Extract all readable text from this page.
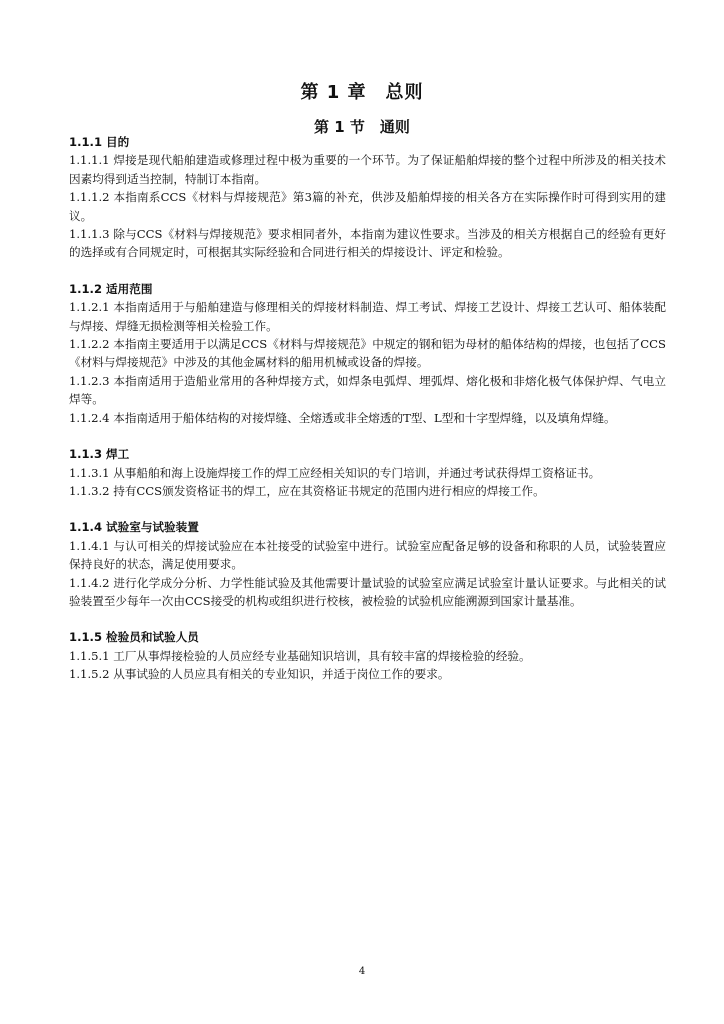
第 1 章　总则
第 1 节　通则

1.1.1 目的

1.1.1.1 焊接是现代船舶建造或修理过程中极为重要的一个环节。为了保证船舶焊接的整个过程中所涉及的相关技术因素均得到适当控制，特制订本指南。

1.1.1.2 本指南系CCS《材料与焊接规范》第3篇的补充，供涉及船舶焊接的相关各方在实际操作时可得到实用的建议。

1.1.1.3 除与CCS《材料与焊接规范》要求相同者外，本指南为建议性要求。当涉及的相关方根据自己的经验有更好的选择或有合同规定时，可根据其实际经验和合同进行相关的焊接设计、评定和检验。

1.1.2 适用范围

1.1.2.1 本指南适用于与船舶建造与修理相关的焊接材料制造、焊工考试、焊接工艺设计、焊接工艺认可、船体装配与焊接、焊缝无损检测等相关检验工作。

1.1.2.2 本指南主要适用于以满足CCS《材料与焊接规范》中规定的钢和铝为母材的船体结构的焊接，也包括了CCS《材料与焊接规范》中涉及的其他金属材料的船用机械或设备的焊接。

1.1.2.3 本指南适用于造船业常用的各种焊接方式，如焊条电弧焊、埋弧焊、熔化极和非熔化极气体保护焊、气电立焊等。

1.1.2.4 本指南适用于船体结构的对接焊缝、全熔透或非全熔透的T型、L型和十字型焊缝，以及填角焊缝。

1.1.3 焊工

1.1.3.1 从事船舶和海上设施焊接工作的焊工应经相关知识的专门培训，并通过考试获得焊工资格证书。

1.1.3.2 持有CCS颁发资格证书的焊工，应在其资格证书规定的范围内进行相应的焊接工作。

1.1.4 试验室与试验装置

1.1.4.1 与认可相关的焊接试验应在本社接受的试验室中进行。试验室应配备足够的设备和称职的人员，试验装置应保持良好的状态，满足使用要求。

1.1.4.2 进行化学成分分析、力学性能试验及其他需要计量试验的试验室应满足试验室计量认证要求。与此相关的试验装置至少每年一次由CCS接受的机构或组织进行校核，被检验的试验机应能溯源到国家计量基准。

1.1.5 检验员和试验人员

1.1.5.1 工厂从事焊接检验的人员应经专业基础知识培训，具有较丰富的焊接检验的经验。

1.1.5.2 从事试验的人员应具有相关的专业知识，并适于岗位工作的要求。

4
